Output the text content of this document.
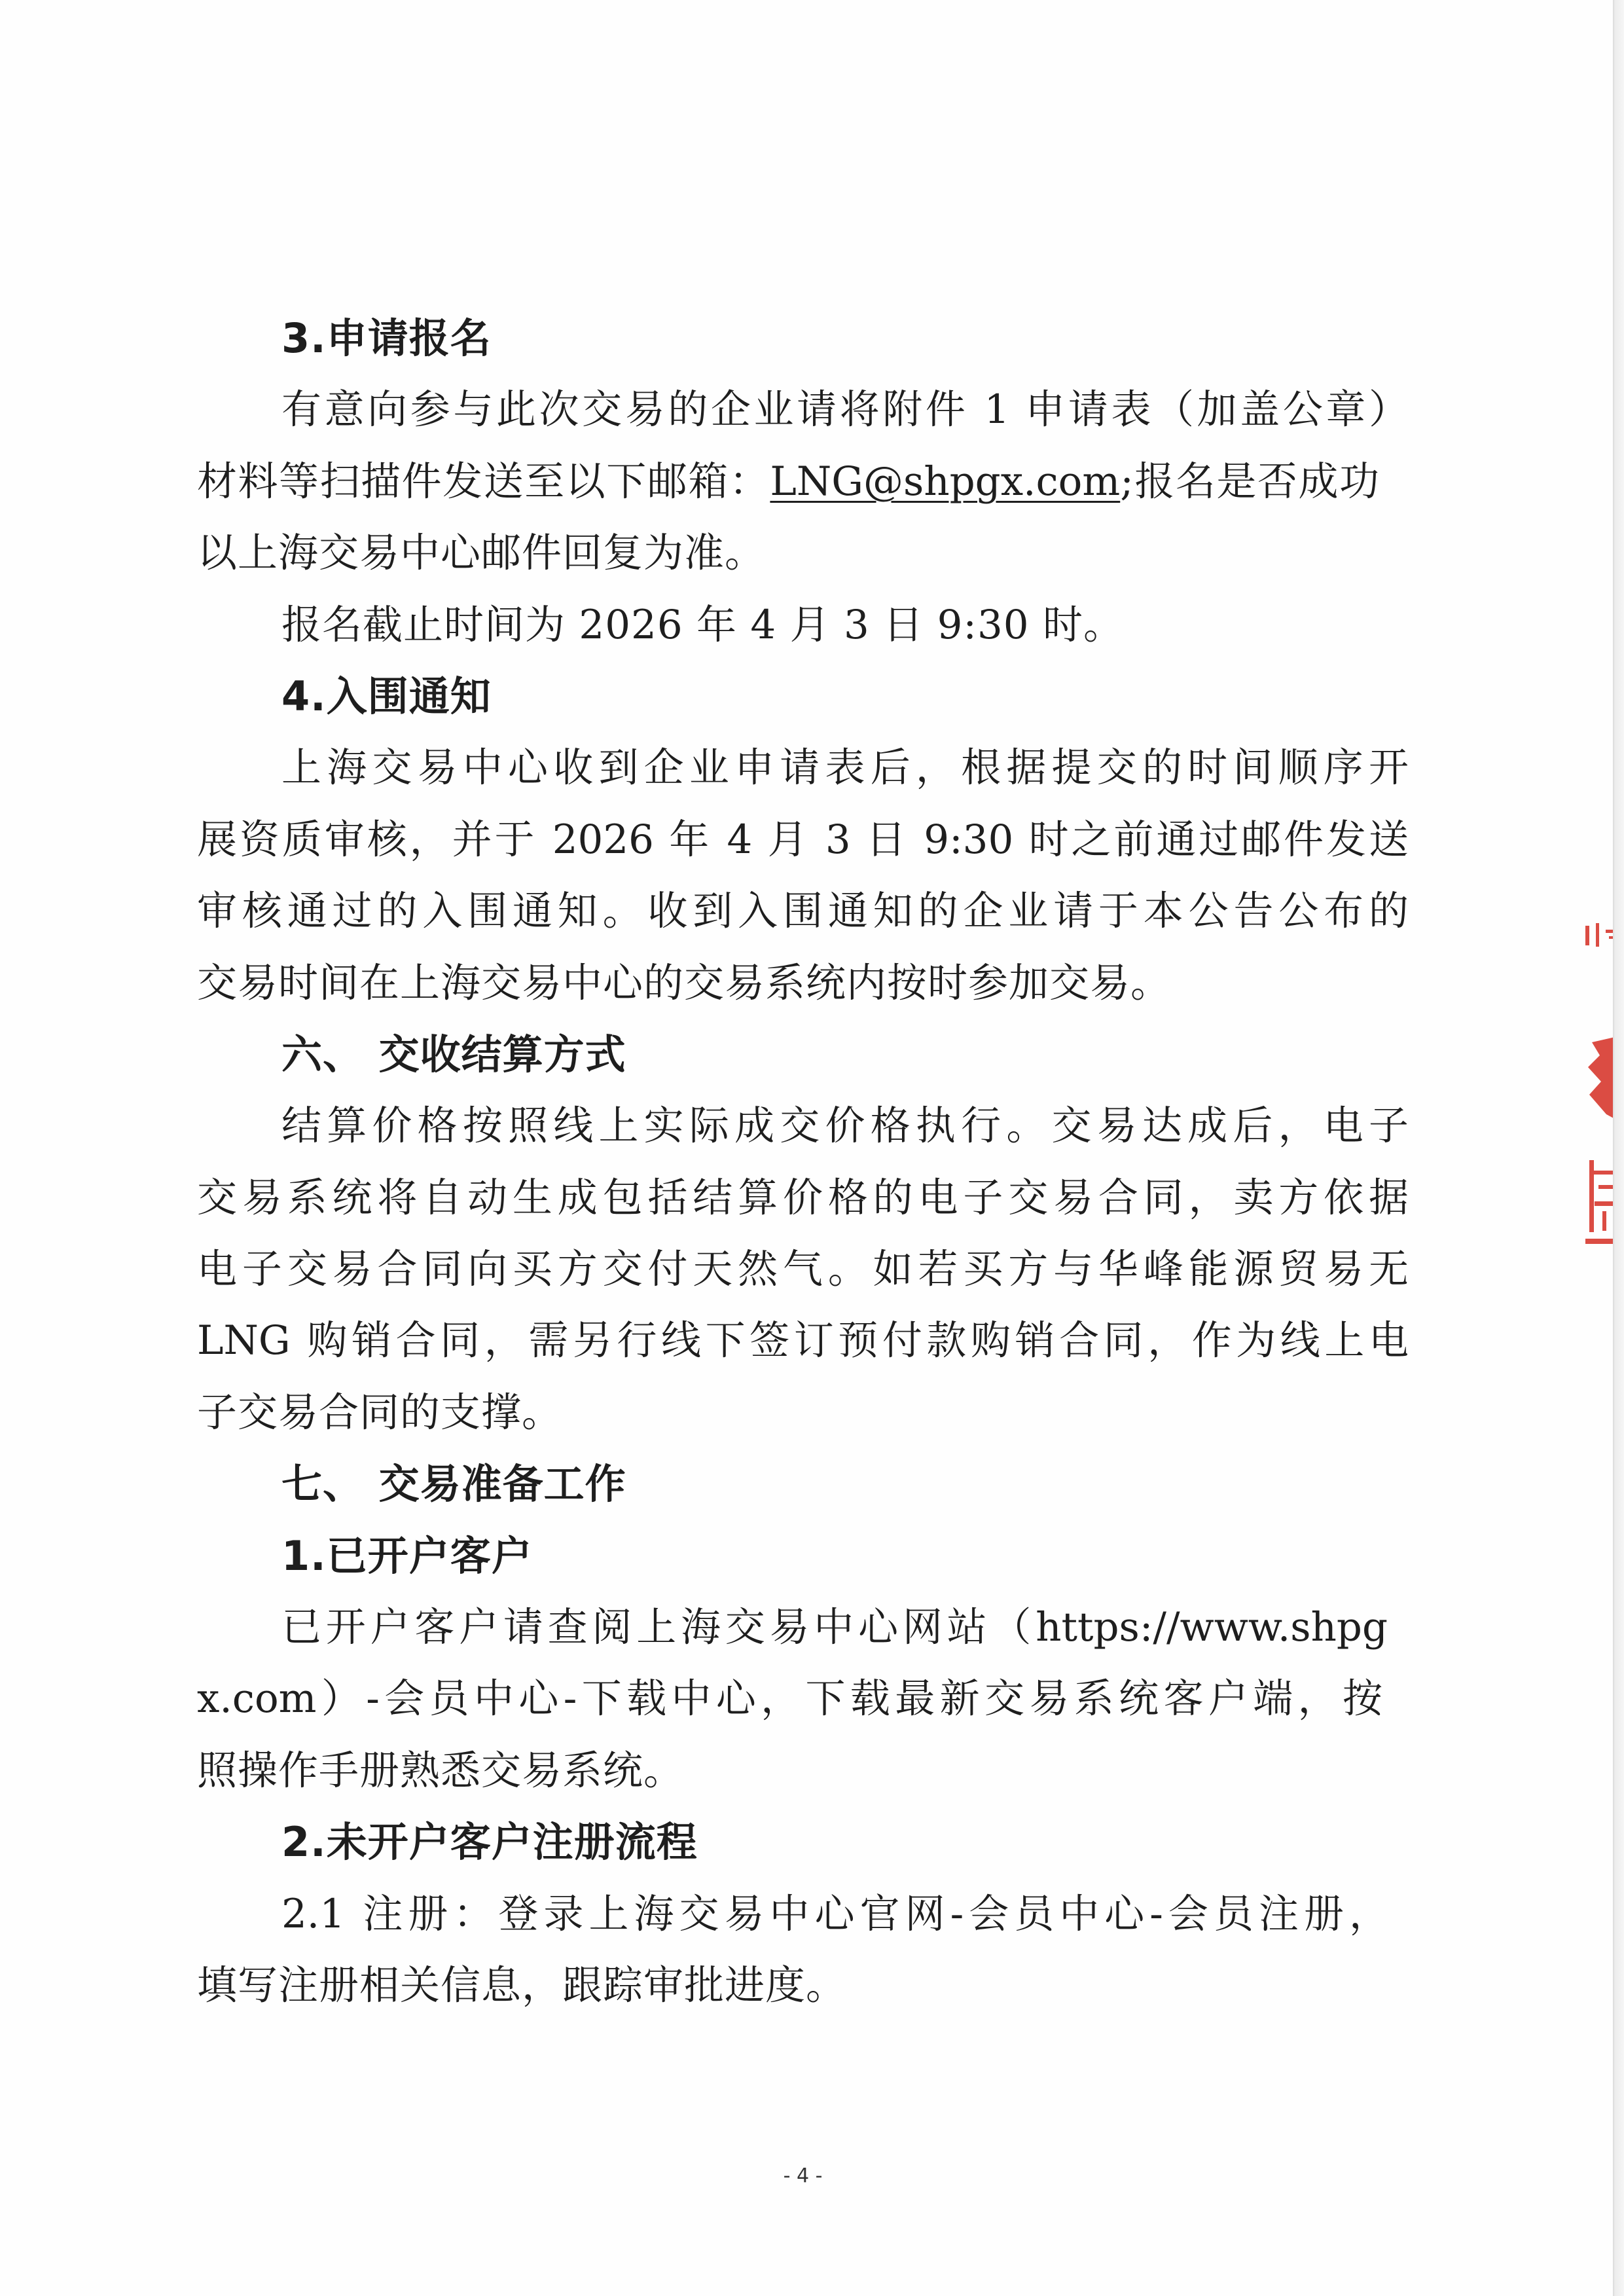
3.申请报名
有意向参与此次交易的企业请将附件 1 申请表（加盖公章）
材料等扫描件发送至以下邮箱：LNG@shpgx.com;报名是否成功
以上海交易中心邮件回复为准。
报名截止时间为 2026 年 4 月 3 日 9:30 时。
4.入围通知
上海交易中心收到企业申请表后，根据提交的时间顺序开
展资质审核，并于 2026 年 4 月 3 日 9:30 时之前通过邮件发送
审核通过的入围通知。收到入围通知的企业请于本公告公布的
交易时间在上海交易中心的交易系统内按时参加交易。
六、 交收结算方式
结算价格按照线上实际成交价格执行。交易达成后，电子
交易系统将自动生成包括结算价格的电子交易合同，卖方依据
电子交易合同向买方交付天然气。如若买方与华峰能源贸易无
LNG 购销合同，需另行线下签订预付款购销合同，作为线上电
子交易合同的支撑。
七、 交易准备工作
1.已开户客户
已开户客户请查阅上海交易中心网站（https://www.shpg
x.com）-会员中心-下载中心，下载最新交易系统客户端，按
照操作手册熟悉交易系统。
2.未开户客户注册流程
2.1 注册：登录上海交易中心官网-会员中心-会员注册，
填写注册相关信息，跟踪审批进度。
- 4 -
